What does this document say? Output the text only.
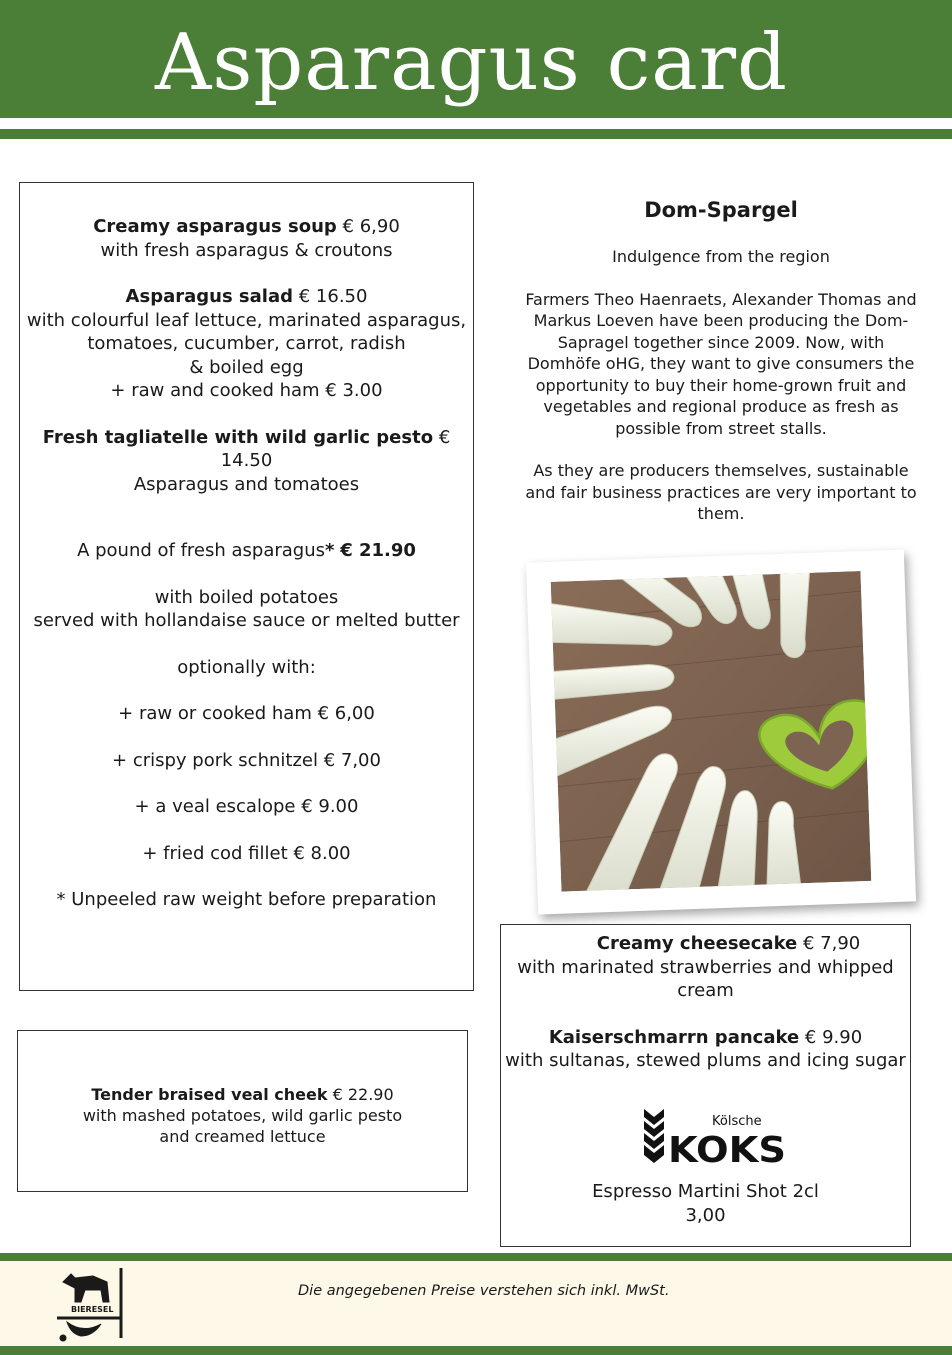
Asparagus card
Creamy asparagus soup € 6,90
with fresh asparagus & croutons
Asparagus salad € 16.50
with colourful leaf lettuce, marinated asparagus,
tomatoes, cucumber, carrot, radish
& boiled egg
+ raw and cooked ham € 3.00
Fresh tagliatelle with wild garlic pesto € 14.50
Asparagus and tomatoes
A pound of fresh asparagus* € 21.90
with boiled potatoes
served with hollandaise sauce or melted butter
optionally with:
+ raw or cooked ham € 6,00
+ crispy pork schnitzel € 7,00
+ a veal escalope € 9.00
+ fried cod fillet € 8.00
* Unpeeled raw weight before preparation
Tender braised veal cheek € 22.90
with mashed potatoes, wild garlic pesto
and creamed lettuce
Dom-Spargel
Indulgence from the region
Farmers Theo Haenraets, Alexander Thomas and Markus Loeven have been producing the Dom-Sapragel together since 2009. Now, with Domhöfe oHG, they want to give consumers the opportunity to buy their home-grown fruit and vegetables and regional produce as fresh as possible from street stalls.
As they are producers themselves, sustainable and fair business practices are very important to them.
Creamy cheesecake € 7,90
with marinated strawberries and whipped
cream
Kaiserschmarrn pancake € 9.90
with sultanas, stewed plums and icing sugar
Espresso Martini Shot 2cl
3,00
Kölsche
KOKS
BIERESEL
Die angegebenen Preise verstehen sich inkl. MwSt.
